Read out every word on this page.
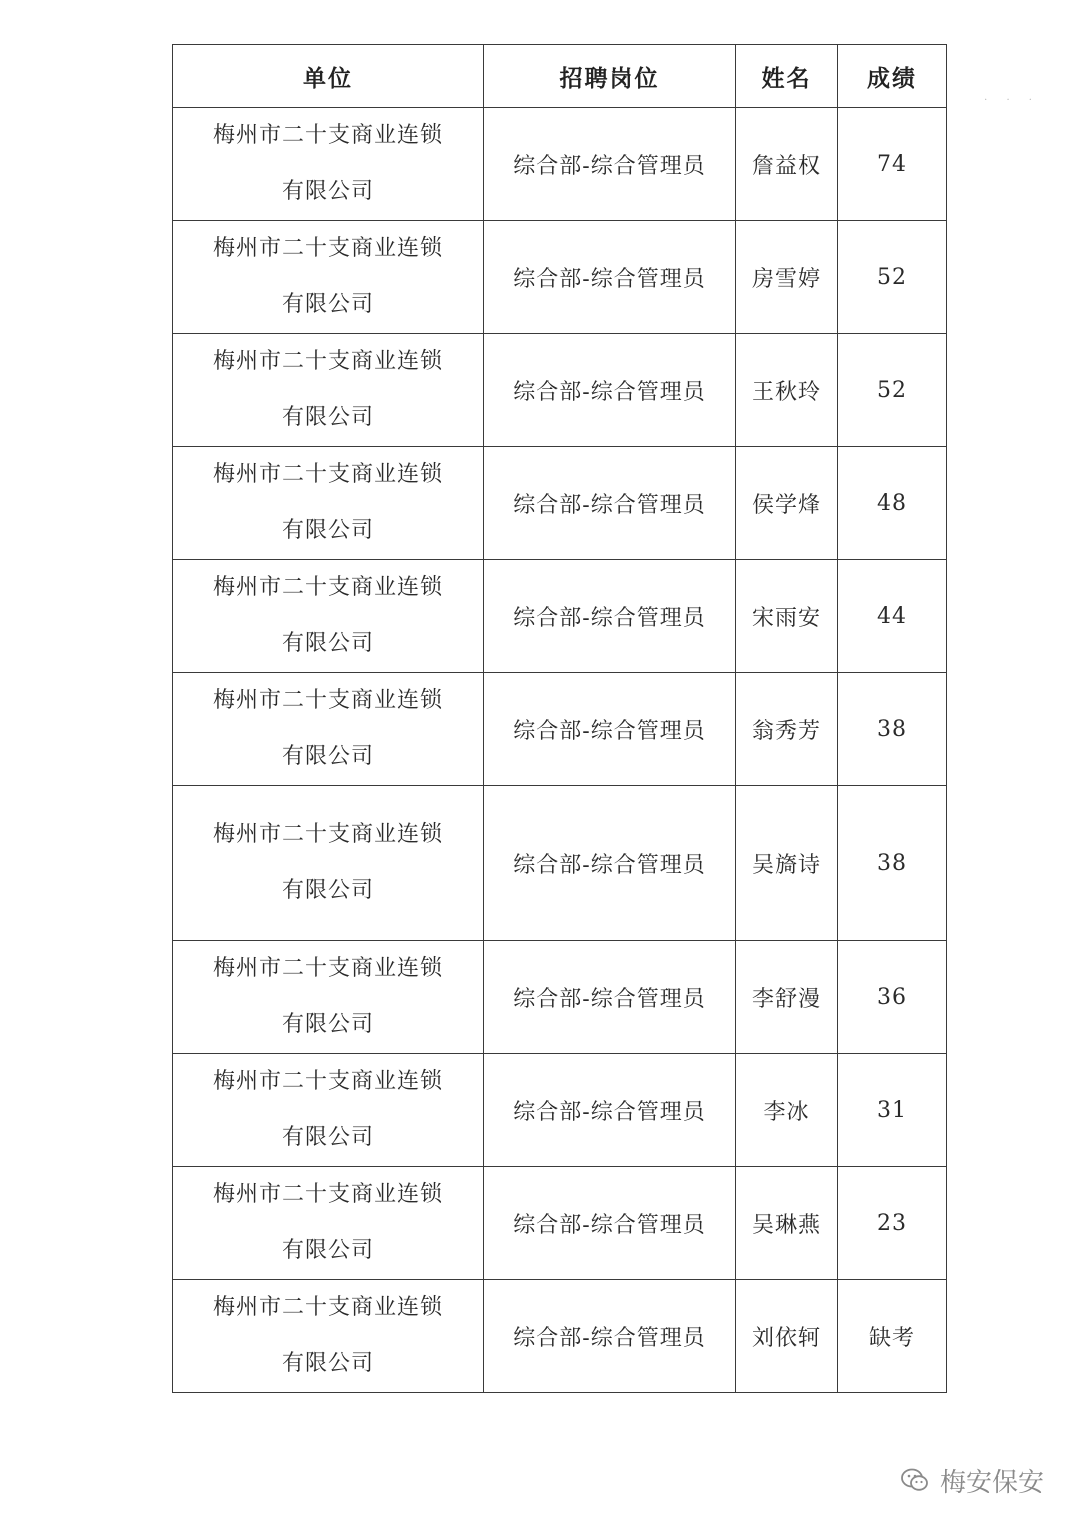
· · ·
单位	招聘岗位	姓名	成绩

梅州市二十支商业连锁
有限公司	综合部-综合管理员	詹益权	74

梅州市二十支商业连锁
有限公司	综合部-综合管理员	房雪婷	52

梅州市二十支商业连锁
有限公司	综合部-综合管理员	王秋玲	52

梅州市二十支商业连锁
有限公司	综合部-综合管理员	侯学烽	48

梅州市二十支商业连锁
有限公司	综合部-综合管理员	宋雨安	44

梅州市二十支商业连锁
有限公司	综合部-综合管理员	翁秀芳	38

梅州市二十支商业连锁
有限公司	综合部-综合管理员	吴旖诗	38

梅州市二十支商业连锁
有限公司	综合部-综合管理员	李舒漫	36

梅州市二十支商业连锁
有限公司	综合部-综合管理员	李冰	31

梅州市二十支商业连锁
有限公司	综合部-综合管理员	吴琳燕	23

梅州市二十支商业连锁
有限公司	综合部-综合管理员	刘依轲	缺考
梅安保安
